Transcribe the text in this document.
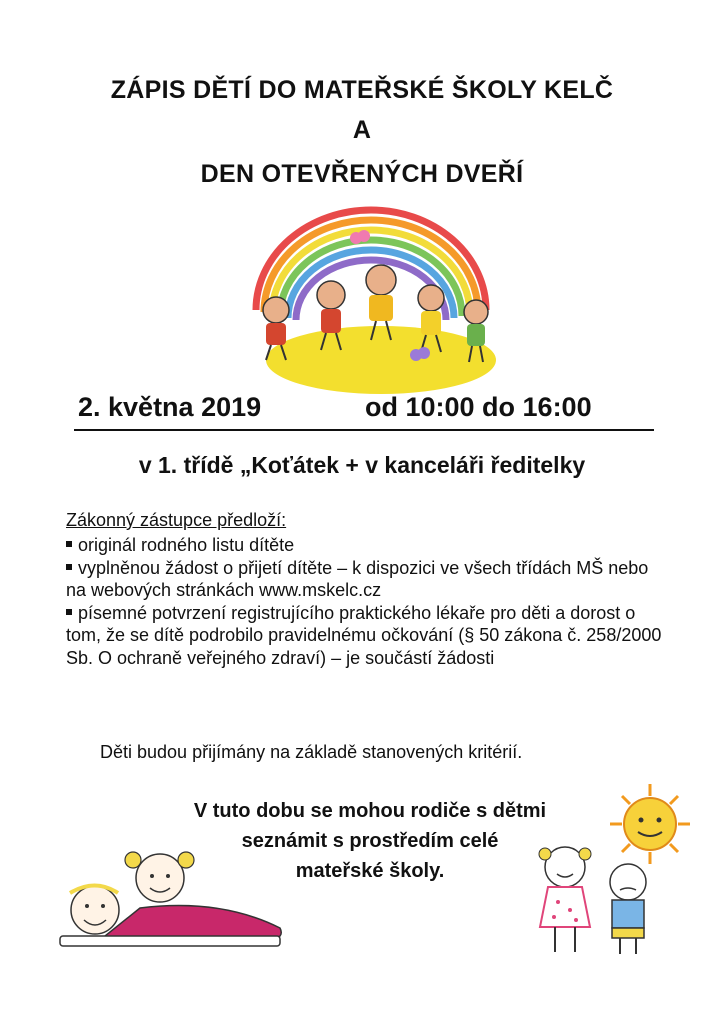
ZÁPIS DĚTÍ DO MATEŘSKÉ ŠKOLY KELČ
A
DEN OTEVŘENÝCH DVEŘÍ
2. května 2019	od 10:00 do 16:00
v 1. třídě „Koťátek + v kanceláři ředitelky
Zákonný zástupce předloží:
originál rodného listu dítěte
vyplněnou žádost o přijetí dítěte – k dispozici ve všech třídách MŠ nebo na webových stránkách www.mskelc.cz
písemné potvrzení registrujícího praktického lékaře pro děti a dorost o tom, že se dítě podrobilo pravidelnému očkování (§ 50 zákona č. 258/2000 Sb. O ochraně veřejného zdraví) – je součástí žádosti
Děti budou přijímány na základě stanovených kritérií.
V tuto dobu se mohou rodiče s dětmi
seznámit s prostředím celé
mateřské školy.
